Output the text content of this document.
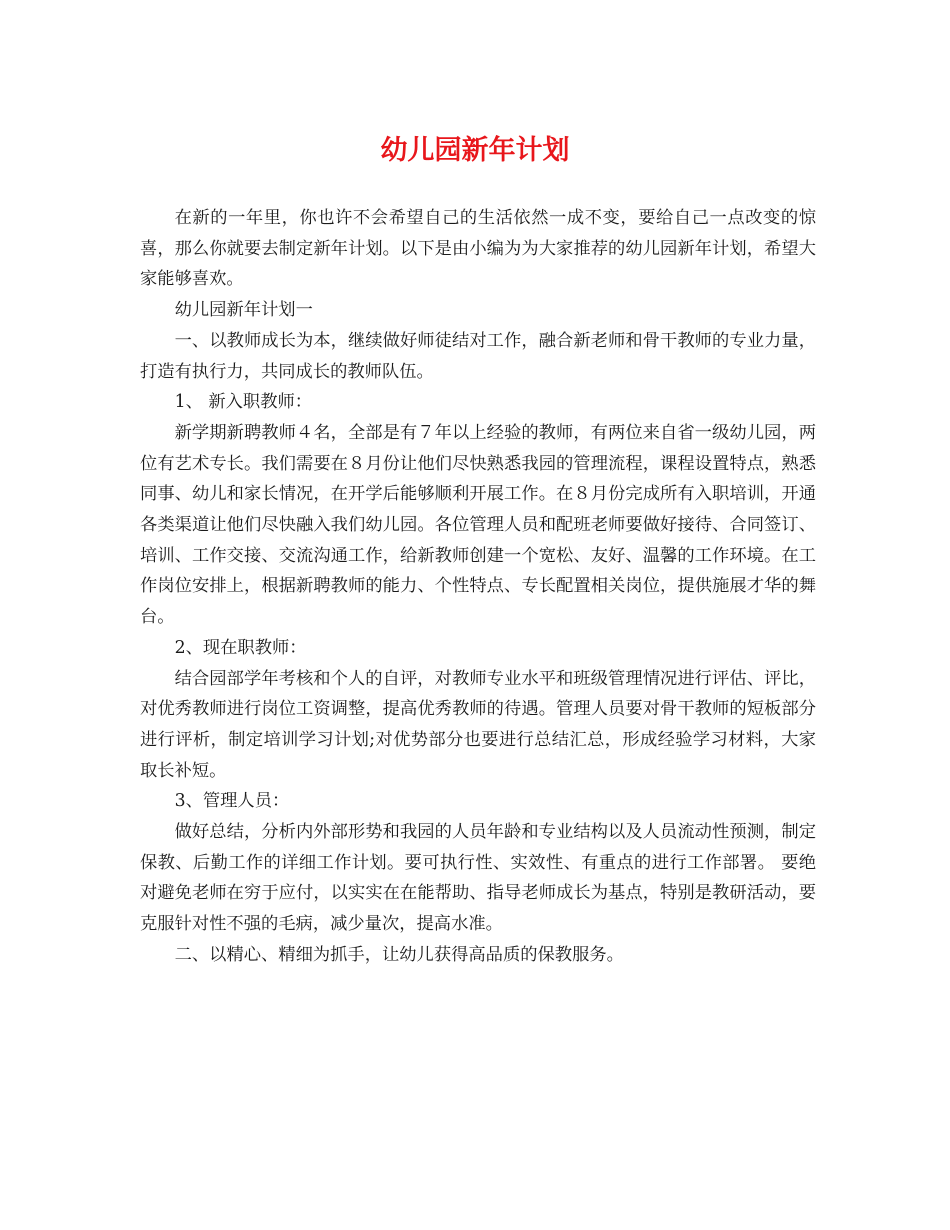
幼儿园新年计划

在新的一年里，你也许不会希望自己的生活依然一成不变，要给自己一点改变的惊喜，那么你就要去制定新年计划。以下是由小编为为大家推荐的幼儿园新年计划，希望大家能够喜欢。

幼儿园新年计划一

一、以教师成长为本，继续做好师徒结对工作，融合新老师和骨干教师的专业力量，打造有执行力，共同成长的教师队伍。

1、 新入职教师：

新学期新聘教师４名，全部是有７年以上经验的教师，有两位来自省一级幼儿园，两位有艺术专长。我们需要在８月份让他们尽快熟悉我园的管理流程，课程设置特点，熟悉同事、幼儿和家长情况，在开学后能够顺利开展工作。在８月份完成所有入职培训，开通各类渠道让他们尽快融入我们幼儿园。各位管理人员和配班老师要做好接待、合同签订、培训、工作交接、交流沟通工作，给新教师创建一个宽松、友好、温馨的工作环境。在工作岗位安排上，根据新聘教师的能力、个性特点、专长配置相关岗位，提供施展才华的舞台。

2、现在职教师：

结合园部学年考核和个人的自评，对教师专业水平和班级管理情况进行评估、评比，对优秀教师进行岗位工资调整，提高优秀教师的待遇。管理人员要对骨干教师的短板部分进行评析，制定培训学习计划;对优势部分也要进行总结汇总，形成经验学习材料，大家取长补短。

3、管理人员：

做好总结，分析内外部形势和我园的人员年龄和专业结构以及人员流动性预测，制定保教、后勤工作的详细工作计划。要可执行性、实效性、有重点的进行工作部署。 要绝对避免老师在穷于应付，以实实在在能帮助、指导老师成长为基点，特别是教研活动，要克服针对性不强的毛病，减少量次，提高水准。

二、以精心、精细为抓手，让幼儿获得高品质的保教服务。
